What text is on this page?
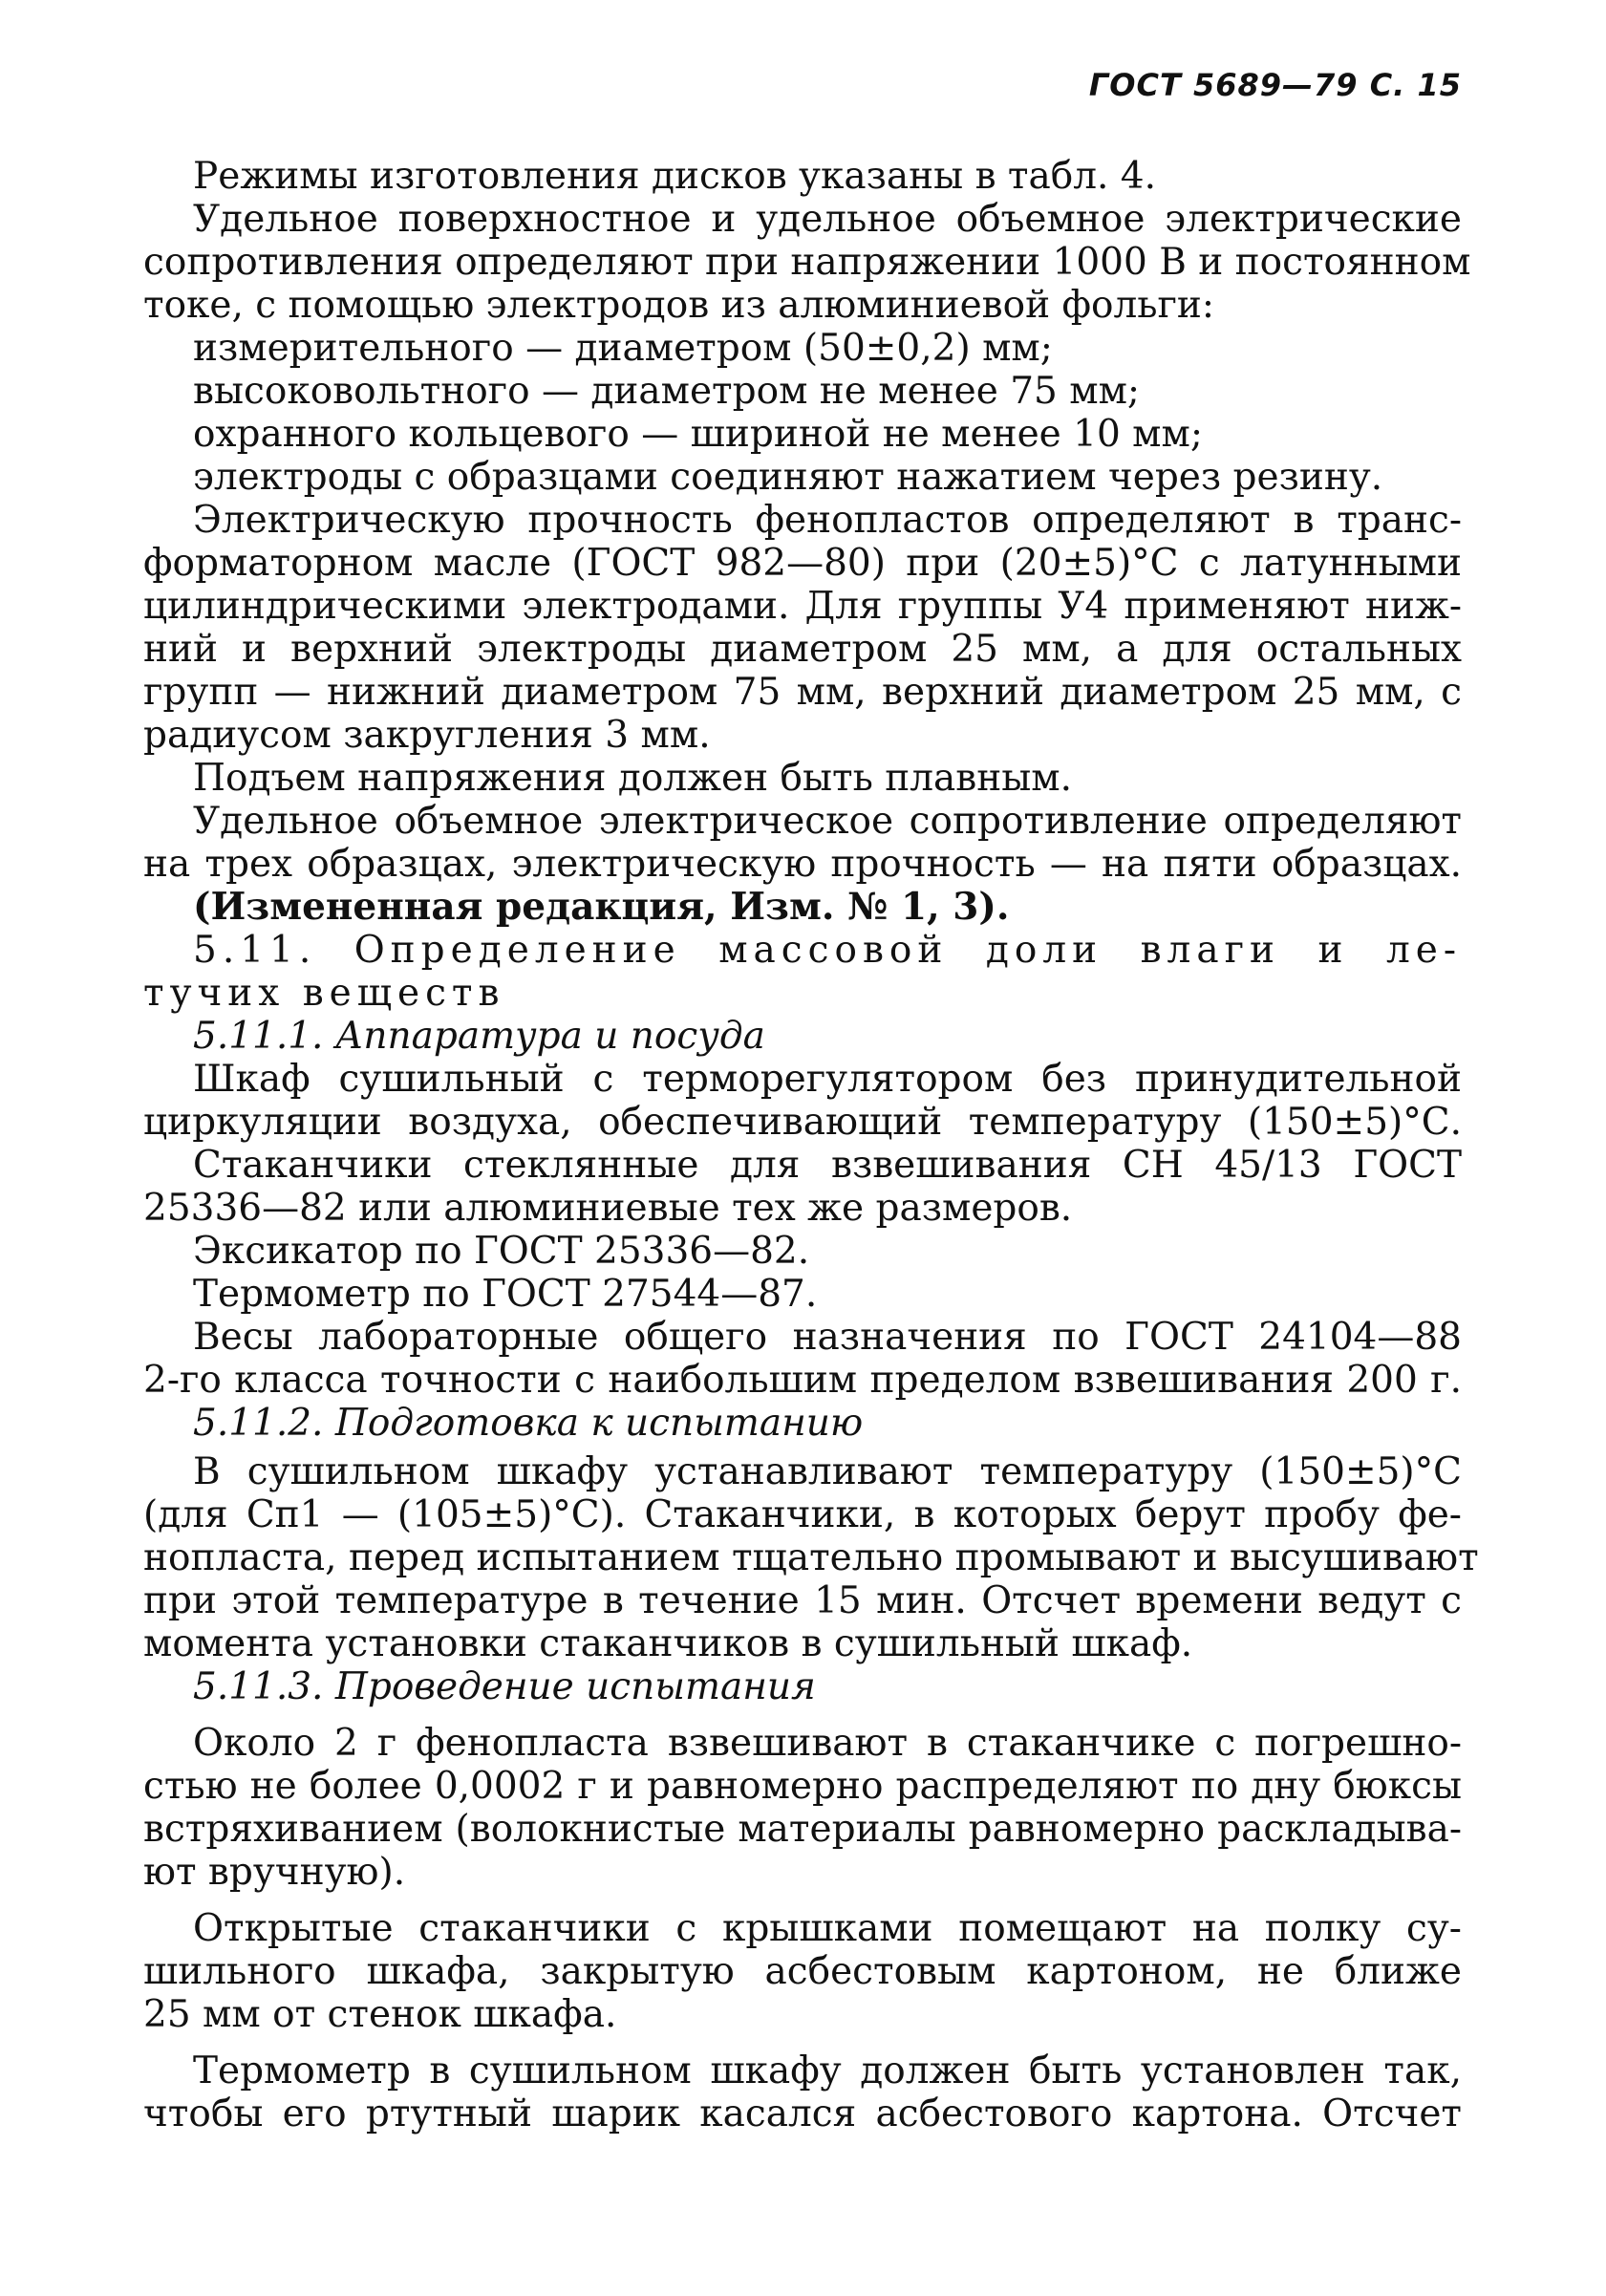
ГОСТ 5689—79 С. 15
Режимы изготовления дисков указаны в табл. 4.
Удельное поверхностное и удельное объемное электрические
сопротивления определяют при напряжении 1000 В и постоянном
токе, с помощью электродов из алюминиевой фольги:
измерительного — диаметром (50±0,2) мм;
высоковольтного — диаметром не менее 75 мм;
охранного кольцевого — шириной не менее 10 мм;
электроды с образцами соединяют нажатием через резину.
Электрическую прочность фенопластов определяют в транс-
форматорном масле (ГОСТ 982—80) при (20±5)°С с латунными
цилиндрическими электродами. Для группы У4 применяют ниж-
ний и верхний электроды диаметром 25 мм, а для остальных
групп — нижний диаметром 75 мм, верхний диаметром 25 мм, с
радиусом закругления 3 мм.
Подъем напряжения должен быть плавным.
Удельное объемное электрическое сопротивление определяют
на трех образцах, электрическую прочность — на пяти образцах.
(Измененная редакция, Изм. № 1, 3).
5.11. Определение массовой доли влаги и ле-
тучих веществ
5.11.1. Аппаратура и посуда
Шкаф сушильный с терморегулятором без принудительной
циркуляции воздуха, обеспечивающий температуру (150±5)°С.
Стаканчики стеклянные для взвешивания СН 45/13 ГОСТ
25336—82 или алюминиевые тех же размеров.
Эксикатор по ГОСТ 25336—82.
Термометр по ГОСТ 27544—87.
Весы лабораторные общего назначения по ГОСТ 24104—88
2-го класса точности с наибольшим пределом взвешивания 200 г.
5.11.2. Подготовка к испытанию
В сушильном шкафу устанавливают температуру (150±5)°С
(для Сп1 — (105±5)°С). Стаканчики, в которых берут пробу фе-
нопласта, перед испытанием тщательно промывают и высушивают
при этой температуре в течение 15 мин. Отсчет времени ведут с
момента установки стаканчиков в сушильный шкаф.
5.11.3. Проведение испытания
Около 2 г фенопласта взвешивают в стаканчике с погрешно-
стью не более 0,0002 г и равномерно распределяют по дну бюксы
встряхиванием (волокнистые материалы равномерно раскладыва-
ют вручную).
Открытые стаканчики с крышками помещают на полку су-
шильного шкафа, закрытую асбестовым картоном, не ближе
25 мм от стенок шкафа.
Термометр в сушильном шкафу должен быть установлен так,
чтобы его ртутный шарик касался асбестового картона. Отсчет
